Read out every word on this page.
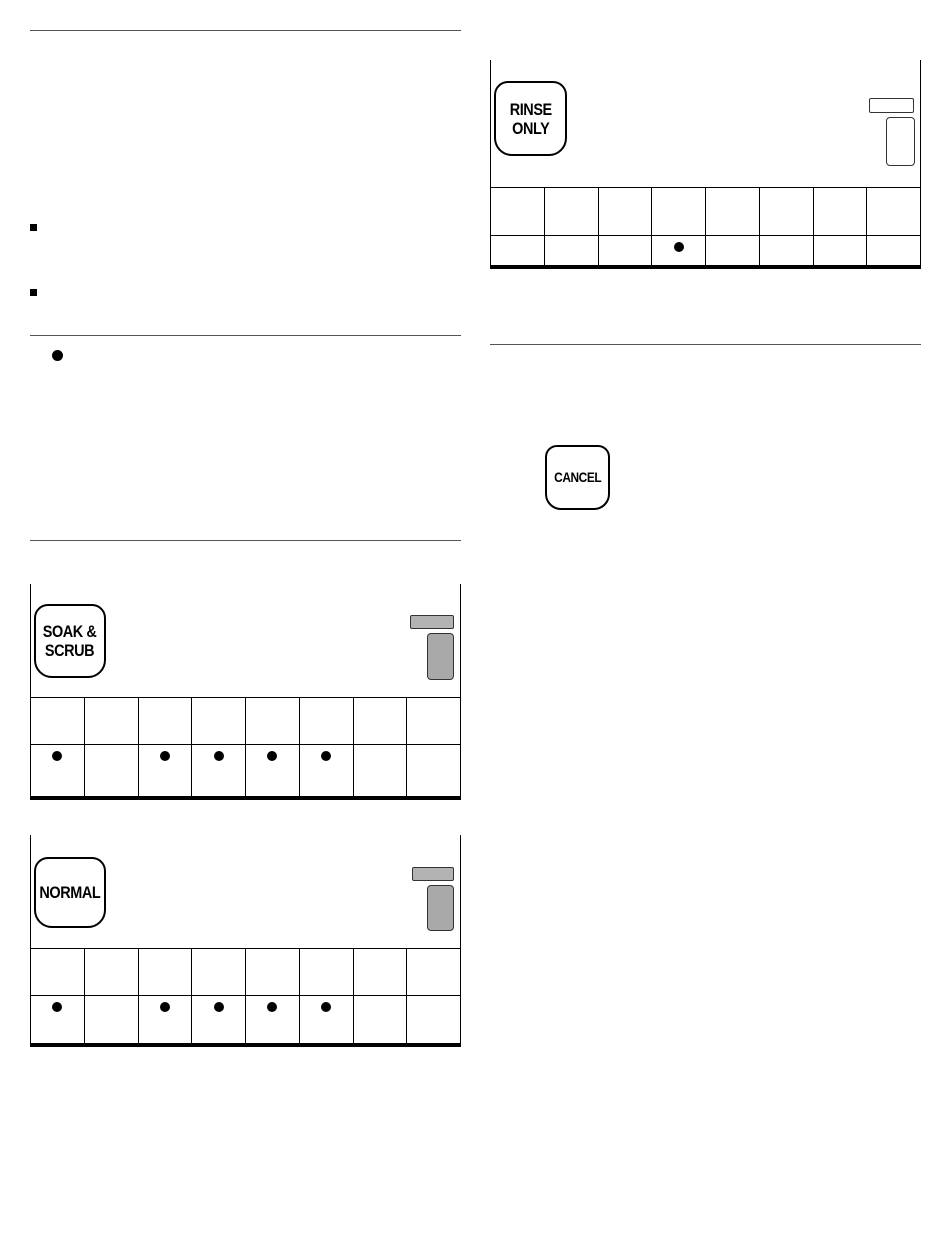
SOAK &
SCRUB
NORMAL
RINSE
ONLY
CANCEL
